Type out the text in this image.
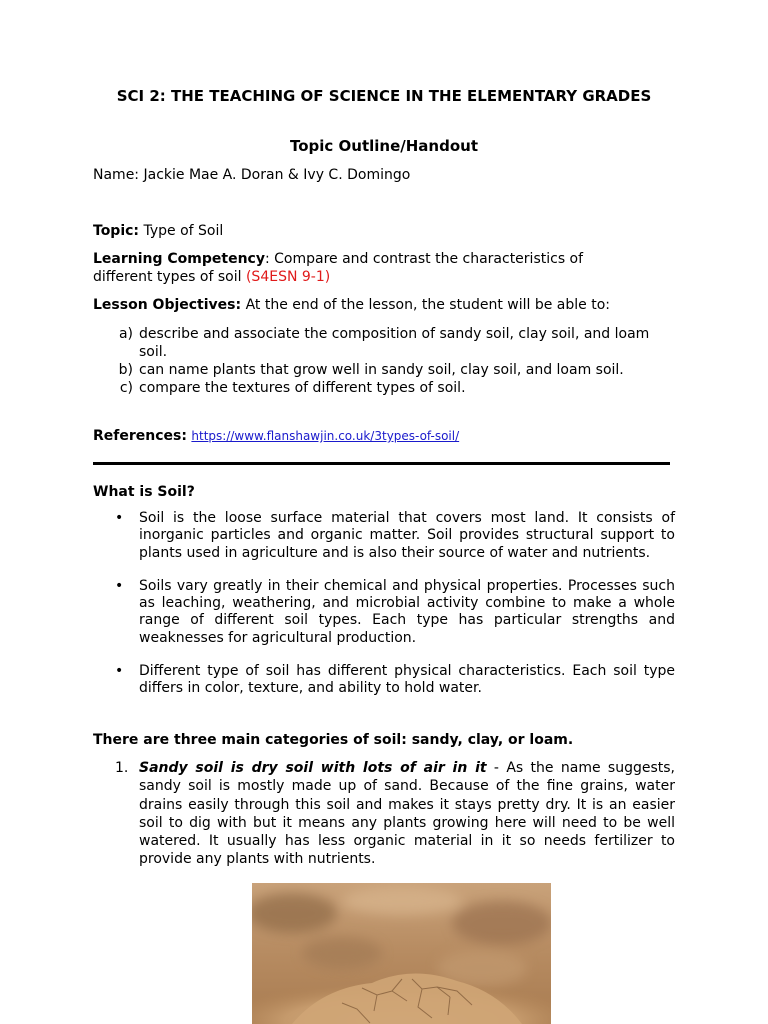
SCI 2: THE TEACHING OF SCIENCE IN THE ELEMENTARY GRADES
Topic Outline/Handout
Name: Jackie Mae A. Doran & Ivy C. Domingo
Topic: Type of Soil
Learning Competency: Compare and contrast the characteristics of
different types of soil (S4ESN 9-1)
Lesson Objectives: At the end of the lesson, the student will be able to:
a) describe and associate the composition of sandy soil, clay soil, and loam soil.
b) can name plants that grow well in sandy soil, clay soil, and loam soil.
c) compare the textures of different types of soil.
References: https://www.flanshawjin.co.uk/3types-of-soil/
What is Soil?
•	Soil is the loose surface material that covers most land. It consists of inorganic particles and organic matter. Soil provides structural support to plants used in agriculture and is also their source of water and nutrients.
•	Soils vary greatly in their chemical and physical properties. Processes such as leaching, weathering, and microbial activity combine to make a whole range of different soil types. Each type has particular strengths and weaknesses for agricultural production.
•	Different type of soil has different physical characteristics. Each soil type differs in color, texture, and ability to hold water.
There are three main categories of soil: sandy, clay, or loam.
1. Sandy soil is dry soil with lots of air in it - As the name suggests, sandy soil is mostly made up of sand. Because of the fine grains, water drains easily through this soil and makes it stays pretty dry. It is an easier soil to dig with but it means any plants growing here will need to be well watered. It usually has less organic material in it so needs fertilizer to provide any plants with nutrients.
